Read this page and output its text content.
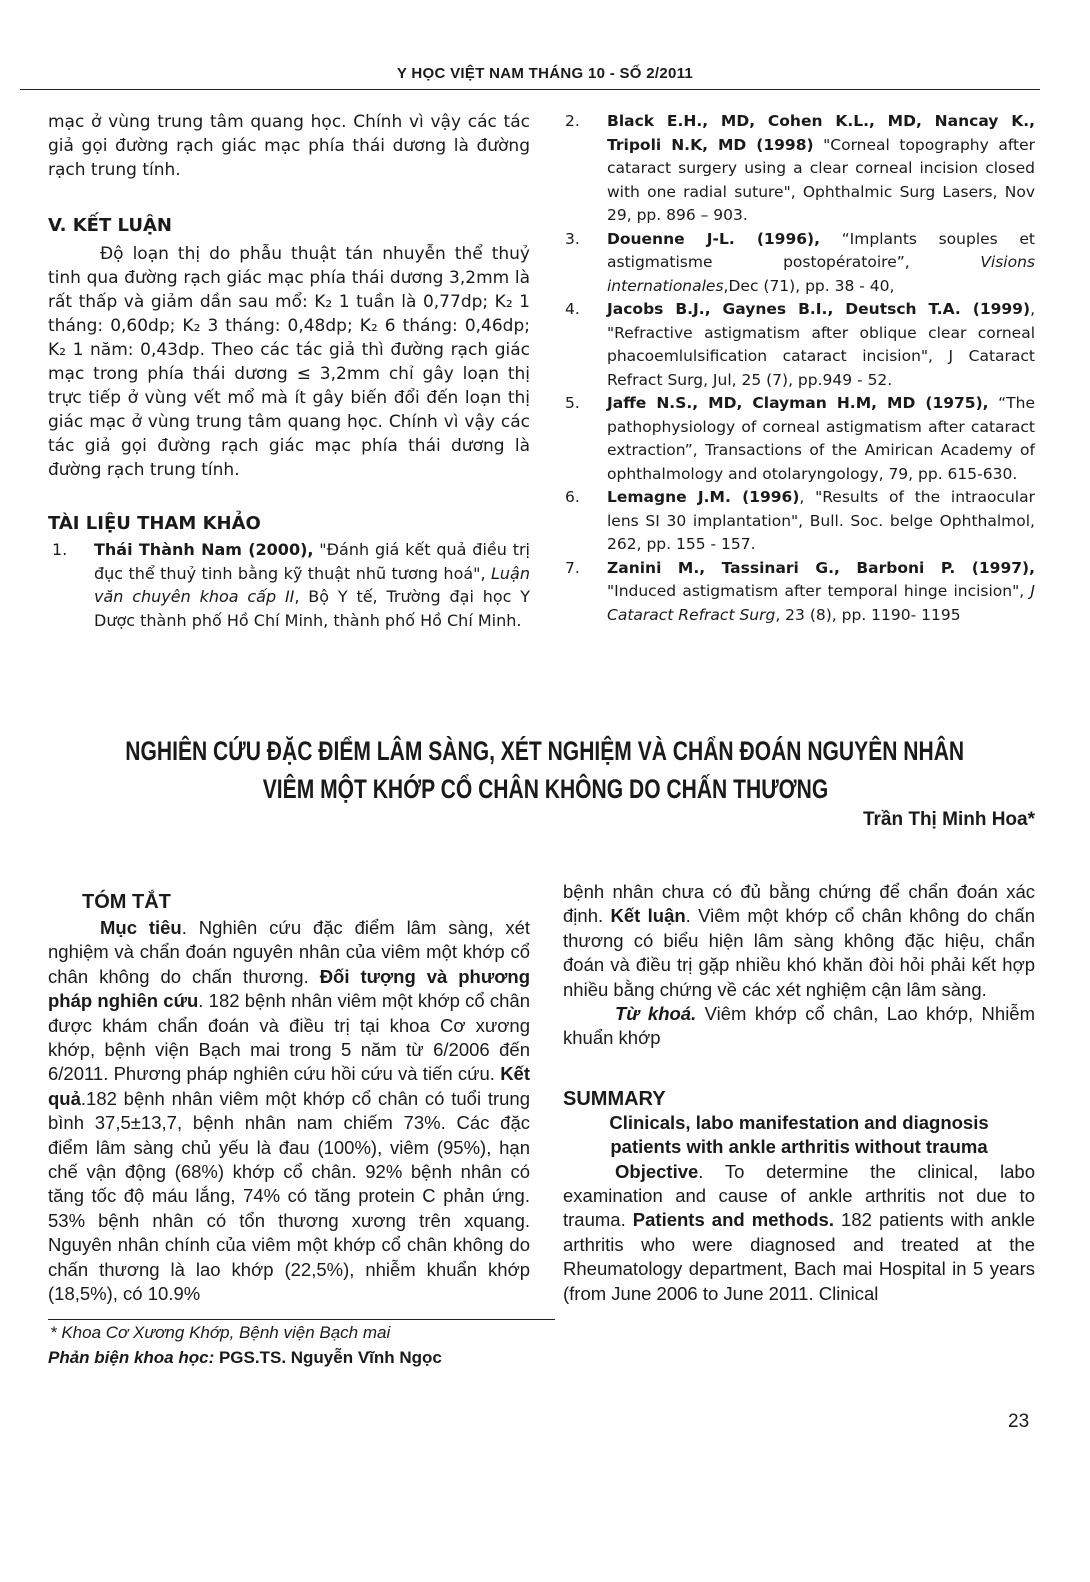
Y HỌC VIỆT NAM THÁNG 10 - SỐ 2/2011
mạc ở vùng trung tâm quang học. Chính vì vậy các tác giả gọi đường rạch giác mạc phía thái dương là đường rạch trung tính.
V. KẾT LUẬN
Độ loạn thị do phẫu thuật tán nhuyễn thể thuỷ tinh qua đường rạch giác mạc phía thái dương 3,2mm là rất thấp và giảm dần sau mổ: K₂ 1 tuần là 0,77dp; K₂ 1 tháng: 0,60dp; K₂ 3 tháng: 0,48dp; K₂ 6 tháng: 0,46dp; K₂ 1 năm: 0,43dp. Theo các tác giả thì đường rạch giác mạc trong phía thái dương ≤ 3,2mm chỉ gây loạn thị trực tiếp ở vùng vết mổ mà ít gây biến đổi đến loạn thị giác mạc ở vùng trung tâm quang học. Chính vì vậy các tác giả gọi đường rạch giác mạc phía thái dương là đường rạch trung tính.
TÀI LIỆU THAM KHẢO
1.	Thái Thành Nam (2000), "Đánh giá kết quả điều trị đục thể thuỷ tinh bằng kỹ thuật nhũ tương hoá", Luận văn chuyên khoa cấp II, Bộ Y tế, Trường đại học Y Dược thành phố Hồ Chí Minh, thành phố Hồ Chí Minh.
2.	Black E.H., MD, Cohen K.L., MD, Nancay K., Tripoli N.K, MD (1998) "Corneal topography after cataract surgery using a clear corneal incision closed with one radial suture", Ophthalmic Surg Lasers, Nov 29, pp. 896 – 903.
3.	Douenne J-L. (1996), “Implants souples et astigmatisme postopératoire”, Visions internationales,Dec (71), pp. 38 - 40,
4.	Jacobs B.J., Gaynes B.I., Deutsch T.A. (1999), "Refractive astigmatism after oblique clear corneal phacoemlulsification cataract incision", J Cataract Refract Surg, Jul, 25 (7), pp.949 - 52.
5.	Jaffe N.S., MD, Clayman H.M, MD (1975), “The pathophysiology of corneal astigmatism after cataract extraction”, Transactions of the Amirican Academy of ophthalmology and otolaryngology, 79, pp. 615-630.
6.	Lemagne J.M. (1996), "Results of the intraocular lens SI 30 implantation", Bull. Soc. belge Ophthalmol, 262, pp. 155 - 157.
7.	Zanini M., Tassinari G., Barboni P. (1997), "Induced astigmatism after temporal hinge incision", J Cataract Refract Surg, 23 (8), pp. 1190- 1195
NGHIÊN CỨU ĐẶC ĐIỂM LÂM SÀNG, XÉT NGHIỆM VÀ CHẨN ĐOÁN NGUYÊN NHÂN
VIÊM MỘT KHỚP CỔ CHÂN KHÔNG DO CHẤN THƯƠNG
Trần Thị Minh Hoa*
TÓM TẮT
Mục tiêu. Nghiên cứu đặc điểm lâm sàng, xét nghiệm và chẩn đoán nguyên nhân của viêm một khớp cổ chân không do chấn thương. Đối tượng và phương pháp nghiên cứu. 182 bệnh nhân viêm một khớp cổ chân được khám chẩn đoán và điều trị tại khoa Cơ xương khớp, bệnh viện Bạch mai trong 5 năm từ 6/2006 đến 6/2011. Phương pháp nghiên cứu hồi cứu và tiến cứu. Kết quả.182 bệnh nhân viêm một khớp cổ chân có tuổi trung bình 37,5±13,7, bệnh nhân nam chiếm 73%. Các đặc điểm lâm sàng chủ yếu là đau (100%), viêm (95%), hạn chế vận động (68%) khớp cổ chân. 92% bệnh nhân có tăng tốc độ máu lắng, 74% có tăng protein C phản ứng. 53% bệnh nhân có tổn thương xương trên xquang. Nguyên nhân chính của viêm một khớp cổ chân không do chấn thương là lao khớp (22,5%), nhiễm khuẩn khớp (18,5%), có 10.9%
* Khoa Cơ Xương Khớp, Bệnh viện Bạch mai
Phản biện khoa học: PGS.TS. Nguyễn Vĩnh Ngọc
bệnh nhân chưa có đủ bằng chứng để chẩn đoán xác định. Kết luận. Viêm một khớp cổ chân không do chấn thương có biểu hiện lâm sàng không đặc hiệu, chẩn đoán và điều trị gặp nhiều khó khăn đòi hỏi phải kết hợp nhiều bằng chứng về các xét nghiệm cận lâm sàng.
Từ khoá. Viêm khớp cổ chân, Lao khớp, Nhiễm khuẩn khớp
SUMMARY
Clinicals, labo manifestation and diagnosis
patients with ankle arthritis without trauma
Objective. To determine the clinical, labo examination and cause of ankle arthritis not due to trauma. Patients and methods. 182 patients with ankle arthritis who were diagnosed and treated at the Rheumatology department, Bach mai Hospital in 5 years (from June 2006 to June 2011. Clinical
23
